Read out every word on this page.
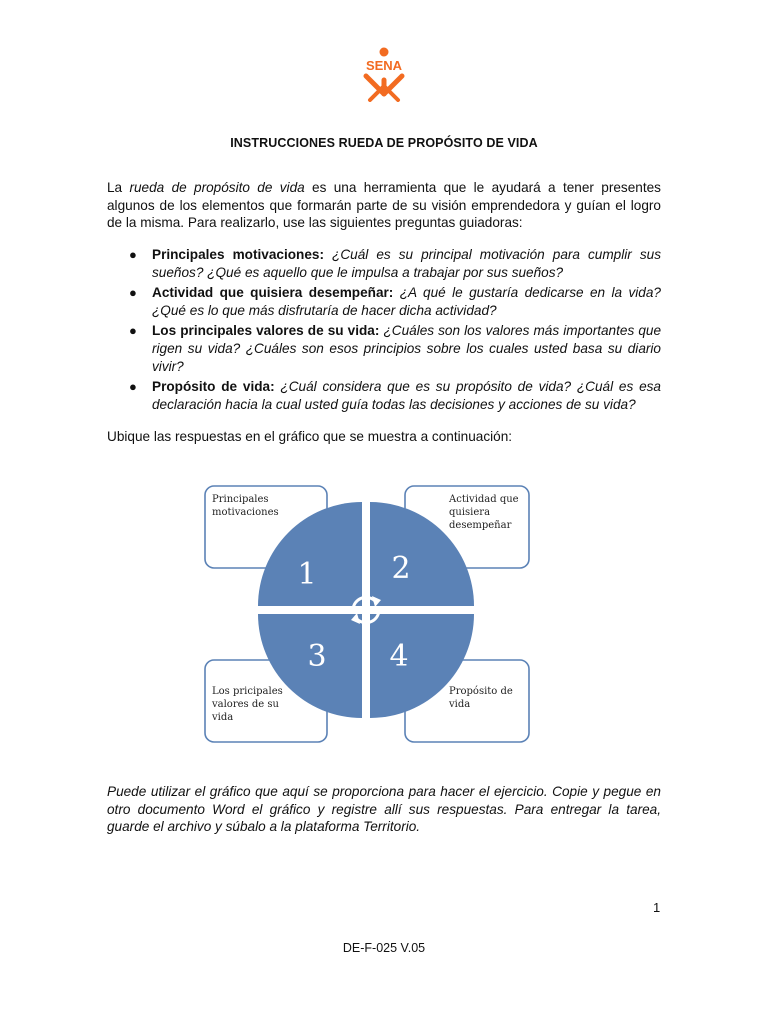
SENA
INSTRUCCIONES RUEDA DE PROPÓSITO DE VIDA

La rueda de propósito de vida es una herramienta que le ayudará a tener presentes algunos de los elementos que formarán parte de su visión emprendedora y guían el logro de la misma. Para realizarlo, use las siguientes preguntas guiadoras:

● Principales motivaciones: ¿Cuál es su principal motivación para cumplir sus sueños? ¿Qué es aquello que le impulsa a trabajar por sus sueños?
● Actividad que quisiera desempeñar: ¿A qué le gustaría dedicarse en la vida? ¿Qué es lo que más disfrutaría de hacer dicha actividad?
● Los principales valores de su vida: ¿Cuáles son los valores más importantes que rigen su vida? ¿Cuáles son esos principios sobre los cuales usted basa su diario vivir?
● Propósito de vida: ¿Cuál considera que es su propósito de vida? ¿Cuál es esa declaración hacia la cual usted guía todas las decisiones y acciones de su vida?

Ubique las respuestas en el gráfico que se muestra a continuación:

1 2
3 4
Principales motivaciones
Actividad que quisiera desempeñar
Los pricipales valores de su vida
Propósito de vida

Puede utilizar el gráfico que aquí se proporciona para hacer el ejercicio. Copie y pegue en otro documento Word el gráfico y registre allí sus respuestas. Para entregar la tarea, guarde el archivo y súbalo a la plataforma Territorio.

1
DE-F-025 V.05
